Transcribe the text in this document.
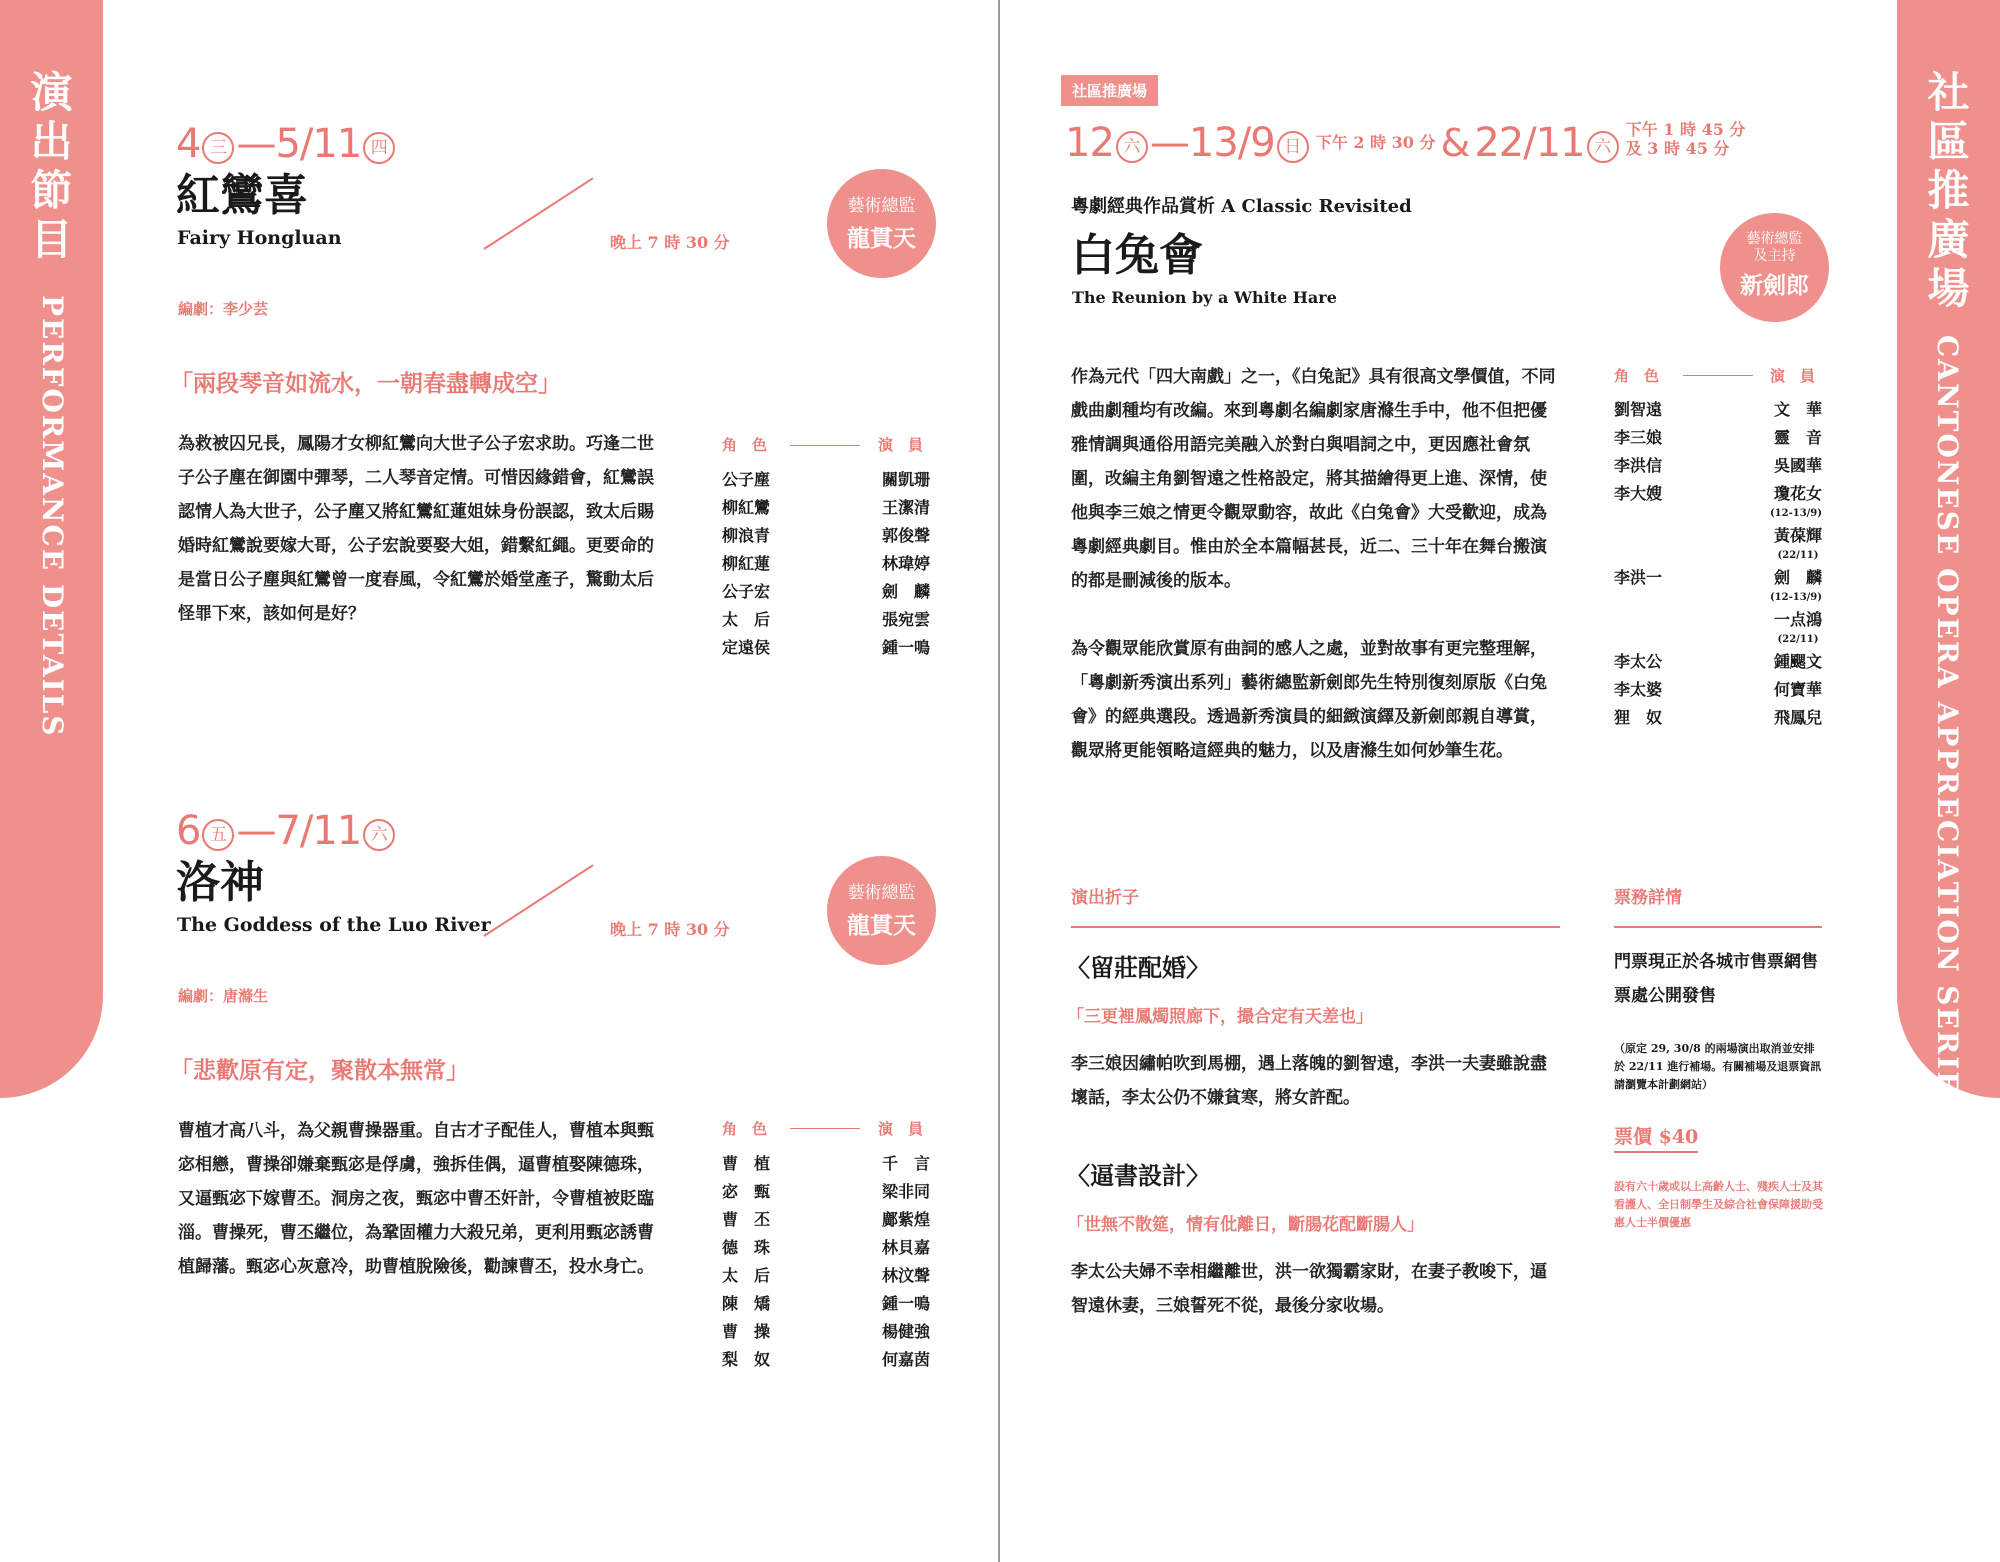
演
出
節
目
PERFORMANCE DETAILS
社
區
推
廣
場
CANTONESE OPERA APPRECIATION SERIES
4 三 —5/11 四
紅鸞喜
Fairy Hongluan	晚上 7 時 30 分
藝術總監
龍貫天
編劇：李少芸
「兩段琴音如流水，一朝春盡轉成空」
為救被囚兄長，鳳陽才女柳紅鸞向大世子公子宏求助。巧逢二世子公子塵在御園中彈琴，二人琴音定情。可惜因緣錯會，紅鸞誤認情人為大世子，公子塵又將紅鸞紅蓮姐妹身份誤認，致太后賜婚時紅鸞說要嫁大哥，公子宏說要娶大姐，錯繫紅繩。更要命的是當日公子塵與紅鸞曾一度春風，令紅鸞於婚堂產子，驚動太后怪罪下來，該如何是好？
角　色	演　員
公子塵	關凱珊
柳紅鸞	王潔清
柳浪青	郭俊聲
柳紅蓮	林瑋婷
公子宏	劍　麟
太　后	張宛雲
定遠侯	鍾一鳴
6 五 —7/11 六
洛神
The Goddess of the Luo River	晚上 7 時 30 分
藝術總監
龍貫天
編劇：唐滌生
「悲歡原有定，聚散本無常」
曹植才高八斗，為父親曹操器重。自古才子配佳人，曹植本與甄宓相戀，曹操卻嫌棄甄宓是俘虜，強拆佳偶，逼曹植娶陳德珠，又逼甄宓下嫁曹丕。洞房之夜，甄宓中曹丕奸計，令曹植被貶臨淄。曹操死，曹丕繼位，為鞏固權力大殺兄弟，更利用甄宓誘曹植歸藩。甄宓心灰意冷，助曹植脫險後，勸諫曹丕，投水身亡。
角　色	演　員
曹　植	千　言
宓　甄	梁非同
曹　丕	鄺紫煌
德　珠	林貝嘉
太　后	林汶聲
陳　矯	鍾一鳴
曹　操	楊健強
梨　奴	何嘉茵
社區推廣場
12 六 —13/9 日 下午 2 時 30 分 & 22/11 六
下午 1 時 45 分
及 3 時 45 分
粵劇經典作品賞析 A Classic Revisited
白兔會
The Reunion by a White Hare
藝術總監
及主持
新劍郎
作為元代「四大南戲」之一，《白兔記》具有很高文學價值，不同戲曲劇種均有改編。來到粵劇名編劇家唐滌生手中，他不但把優雅情調與通俗用語完美融入於對白與唱詞之中，更因應社會氛圍，改編主角劉智遠之性格設定，將其描繪得更上進、深情，使他與李三娘之情更令觀眾動容，故此《白兔會》大受歡迎，成為粵劇經典劇目。惟由於全本篇幅甚長，近二、三十年在舞台搬演的都是刪減後的版本。
為令觀眾能欣賞原有曲詞的感人之處，並對故事有更完整理解，「粵劇新秀演出系列」藝術總監新劍郎先生特別復刻原版《白兔會》的經典選段。透過新秀演員的細緻演繹及新劍郎親自導賞，觀眾將更能領略這經典的魅力，以及唐滌生如何妙筆生花。
角　色	演　員
劉智遠	文　華
李三娘	靈　音
李洪信	吳國華
李大嫂	瓊花女
(12-13/9)
黃葆輝
(22/11)
李洪一	劍　麟
(12-13/9)
一点鴻
(22/11)
李太公	鍾颸文
李太婆	何寶華
狸　奴	飛鳳兒
演出折子
〈留莊配婚〉
「三更裡鳳燭照廊下，撮合定有天差也」
李三娘因繡帕吹到馬棚，遇上落魄的劉智遠，李洪一夫妻雖說盡壞話，李太公仍不嫌貧寒，將女許配。
〈逼書設計〉
「世無不散筵，情有仳離日，斷腸花配斷腸人」
李太公夫婦不幸相繼離世，洪一欲獨霸家財，在妻子教唆下，逼智遠休妻，三娘誓死不從，最後分家收場。
票務詳情
門票現正於各城市售票網售票處公開發售
（原定 29, 30/8 的兩場演出取消並安排於 22/11 進行補場。有關補場及退票資訊請瀏覽本計劃網站）
票價 $40
設有六十歲或以上高齡人士、殘疾人士及其看護人、全日制學生及綜合社會保障援助受惠人士半價優惠
